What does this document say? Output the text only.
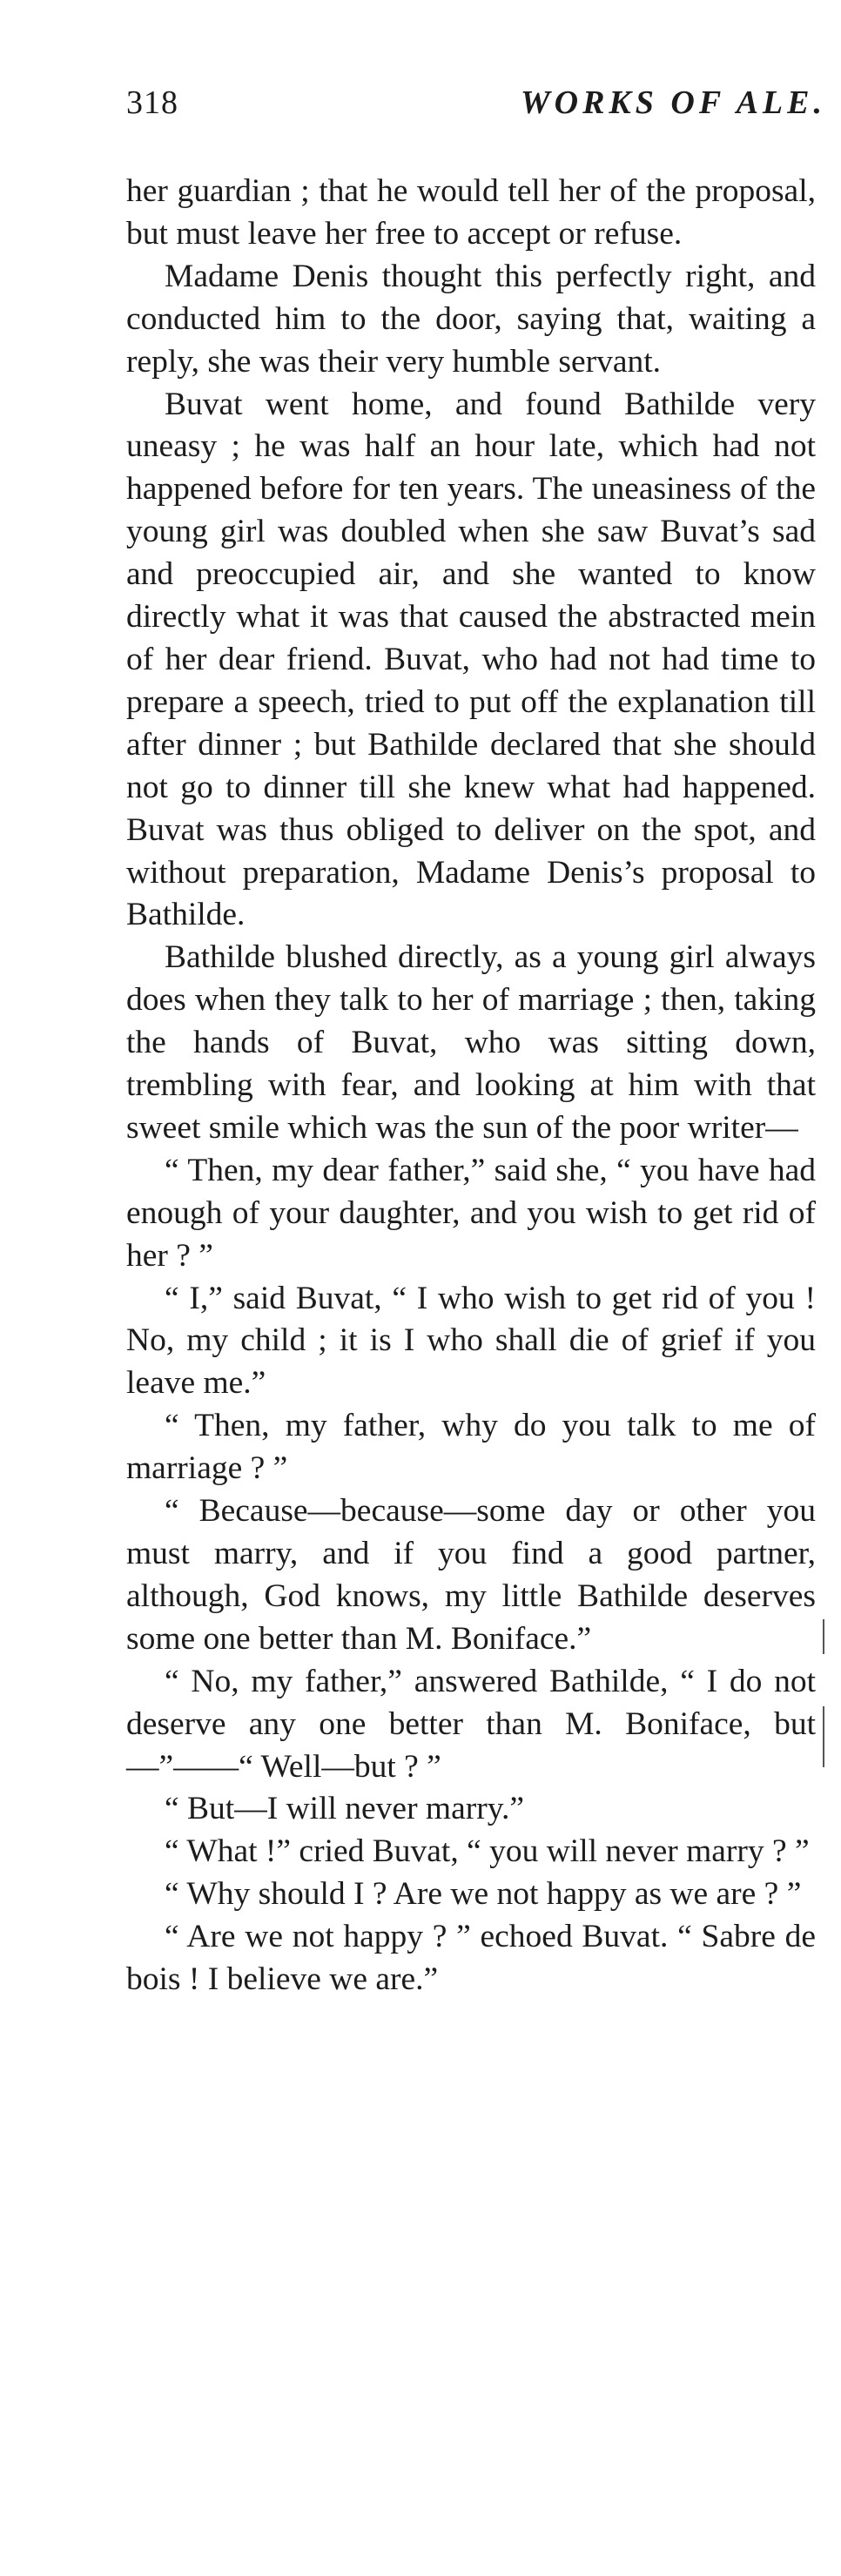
318	WORKS OF ALE.

her guardian ; that he would tell her of the proposal, but must leave her free to accept or refuse.

Madame Denis thought this perfectly right, and conducted him to the door, saying that, waiting a reply, she was their very humble servant.

Buvat went home, and found Bathilde very uneasy ; he was half an hour late, which had not happened before for ten years. The uneasiness of the young girl was doubled when she saw Buvat’s sad and preoccupied air, and she wanted to know directly what it was that caused the abstracted mein of her dear friend. Buvat, who had not had time to prepare a speech, tried to put off the explanation till after dinner ; but Bathilde declared that she should not go to dinner till she knew what had happened. Buvat was thus obliged to deliver on the spot, and without preparation, Madame Denis’s proposal to Bathilde.

Bathilde blushed directly, as a young girl always does when they talk to her of marriage ; then, taking the hands of Buvat, who was sitting down, trembling with fear, and looking at him with that sweet smile which was the sun of the poor writer—

“ Then, my dear father,” said she, “ you have had enough of your daughter, and you wish to get rid of her ? ”

“ I,” said Buvat, “ I who wish to get rid of you ! No, my child ; it is I who shall die of grief if you leave me.”

“ Then, my father, why do you talk to me of marriage ? ”

“ Because—because—some day or other you must marry, and if you find a good partner, although, God knows, my little Bathilde deserves some one better than M. Boniface.”

“ No, my father,” answered Bathilde, “ I do not deserve any one better than M. Boniface, but—”——“ Well—but ? ”

“ But—I will never marry.”

“ What !” cried Buvat, “ you will never marry ? ”

“ Why should I ? Are we not happy as we are ? ”

“ Are we not happy ? ” echoed Buvat. “ Sabre de bois ! I believe we are.”
